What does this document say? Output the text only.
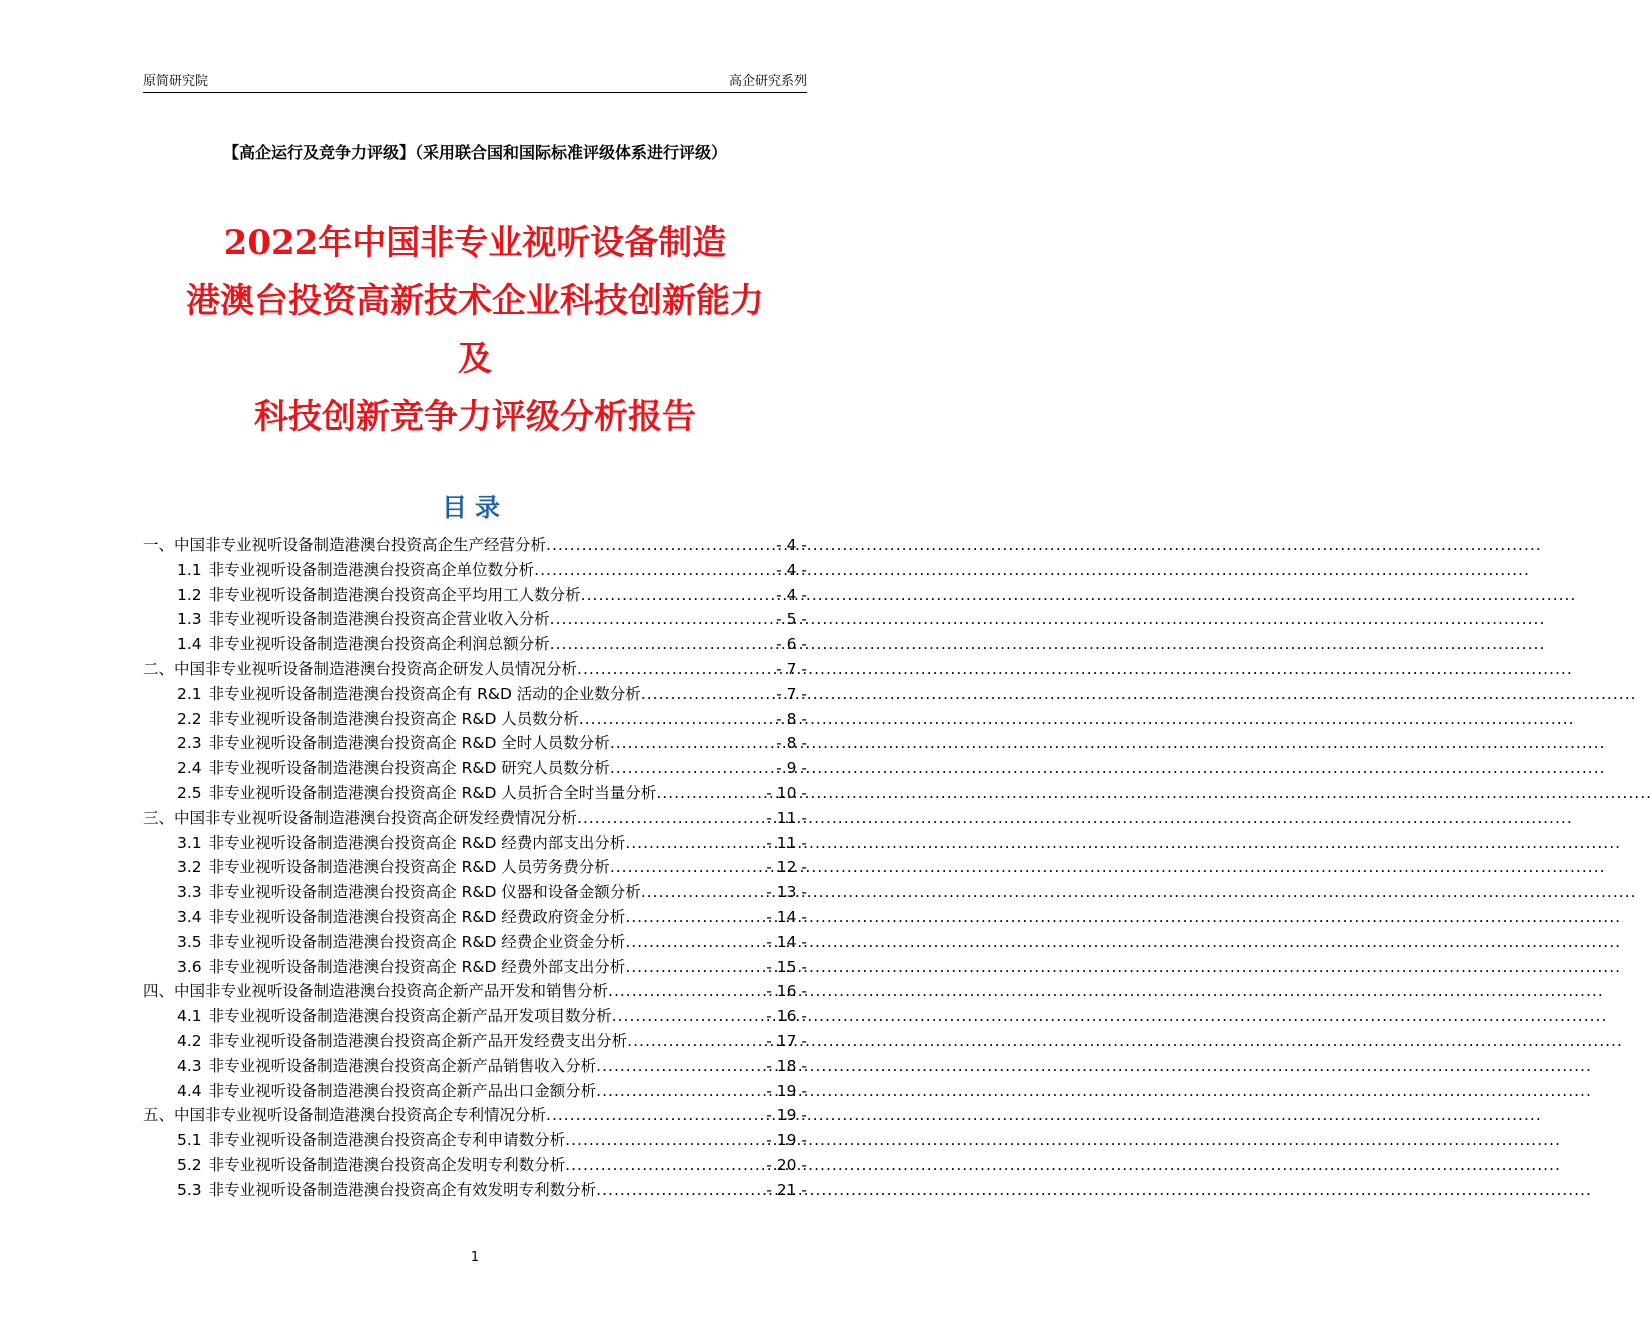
原简研究院	高企研究系列
【高企运行及竞争力评级】（采用联合国和国际标准评级体系进行评级）
2022年中国非专业视听设备制造
港澳台投资高新技术企业科技创新能力
及
科技创新竞争力评级分析报告
目录
一、中国非专业视听设备制造港澳台投资高企生产经营分析 .....	- 4 -
1.1 非专业视听设备制造港澳台投资高企单位数分析 .....	- 4 -
1.2 非专业视听设备制造港澳台投资高企平均用工人数分析 .....	- 4 -
1.3 非专业视听设备制造港澳台投资高企营业收入分析 .....	- 5 -
1.4 非专业视听设备制造港澳台投资高企利润总额分析 .....	- 6 -
二、中国非专业视听设备制造港澳台投资高企研发人员情况分析 .....	- 7 -
2.1 非专业视听设备制造港澳台投资高企有 R&D 活动的企业数分析 .....	- 7 -
2.2 非专业视听设备制造港澳台投资高企 R&D 人员数分析 .....	- 8 -
2.3 非专业视听设备制造港澳台投资高企 R&D 全时人员数分析 .....	- 8 -
2.4 非专业视听设备制造港澳台投资高企 R&D 研究人员数分析 .....	- 9 -
2.5 非专业视听设备制造港澳台投资高企 R&D 人员折合全时当量分析 .....	- 10 -
三、中国非专业视听设备制造港澳台投资高企研发经费情况分析 .....	- 11 -
3.1 非专业视听设备制造港澳台投资高企 R&D 经费内部支出分析 .....	- 11 -
3.2 非专业视听设备制造港澳台投资高企 R&D 人员劳务费分析 .....	- 12 -
3.3 非专业视听设备制造港澳台投资高企 R&D 仪器和设备金额分析 .....	- 13 -
3.4 非专业视听设备制造港澳台投资高企 R&D 经费政府资金分析 .....	- 14 -
3.5 非专业视听设备制造港澳台投资高企 R&D 经费企业资金分析 .....	- 14 -
3.6 非专业视听设备制造港澳台投资高企 R&D 经费外部支出分析 .....	- 15 -
四、中国非专业视听设备制造港澳台投资高企新产品开发和销售分析 .....	- 16 -
4.1 非专业视听设备制造港澳台投资高企新产品开发项目数分析 .....	- 16 -
4.2 非专业视听设备制造港澳台投资高企新产品开发经费支出分析 .....	- 17 -
4.3 非专业视听设备制造港澳台投资高企新产品销售收入分析 .....	- 18 -
4.4 非专业视听设备制造港澳台投资高企新产品出口金额分析 .....	- 19 -
五、中国非专业视听设备制造港澳台投资高企专利情况分析 .....	- 19 -
5.1 非专业视听设备制造港澳台投资高企专利申请数分析 .....	- 19 -
5.2 非专业视听设备制造港澳台投资高企发明专利数分析 .....	- 20 -
5.3 非专业视听设备制造港澳台投资高企有效发明专利数分析 .....	- 21 -
1
